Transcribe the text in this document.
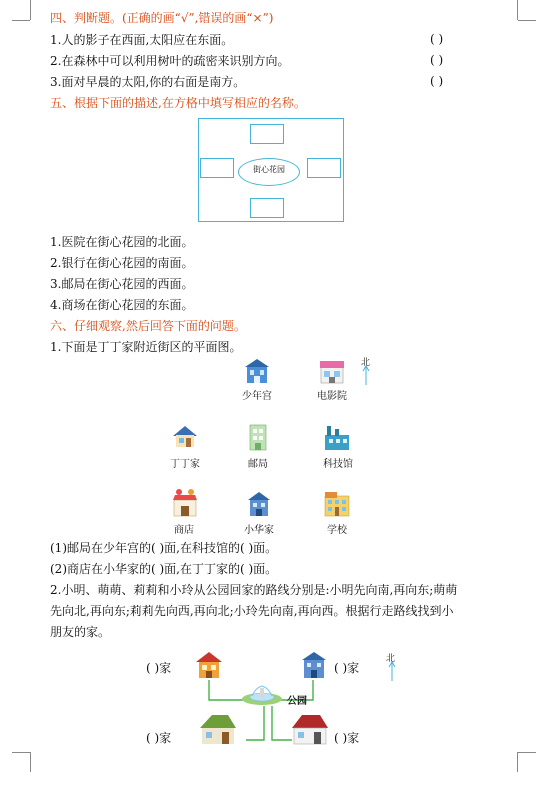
四、判断题。(正确的画“√”,错误的画“×”)
1.人的影子在西面,太阳应在东面。	( )
2.在森林中可以利用树叶的疏密来识别方向。	( )
3.面对早晨的太阳,你的右面是南方。	( )
五、根据下面的描述,在方格中填写相应的名称。
街心花园
1.医院在街心花园的北面。
2.银行在街心花园的南面。
3.邮局在街心花园的西面。
4.商场在街心花园的东面。
六、仔细观察,然后回答下面的问题。
1.下面是丁丁家附近街区的平面图。
北
少年宫	电影院
丁丁家	邮局	科技馆
商店	小华家	学校
(1)邮局在少年宫的( )面,在科技馆的( )面。
(2)商店在小华家的( )面,在丁丁家的( )面。
2.小明、萌萌、莉莉和小玲从公园回家的路线分别是:小明先向南,再向东;萌萌
先向北,再向东;莉莉先向西,再向北;小玲先向南,再向西。根据行走路线找到小
朋友的家。
北
( )家	( )家
公园
( )家	( )家
